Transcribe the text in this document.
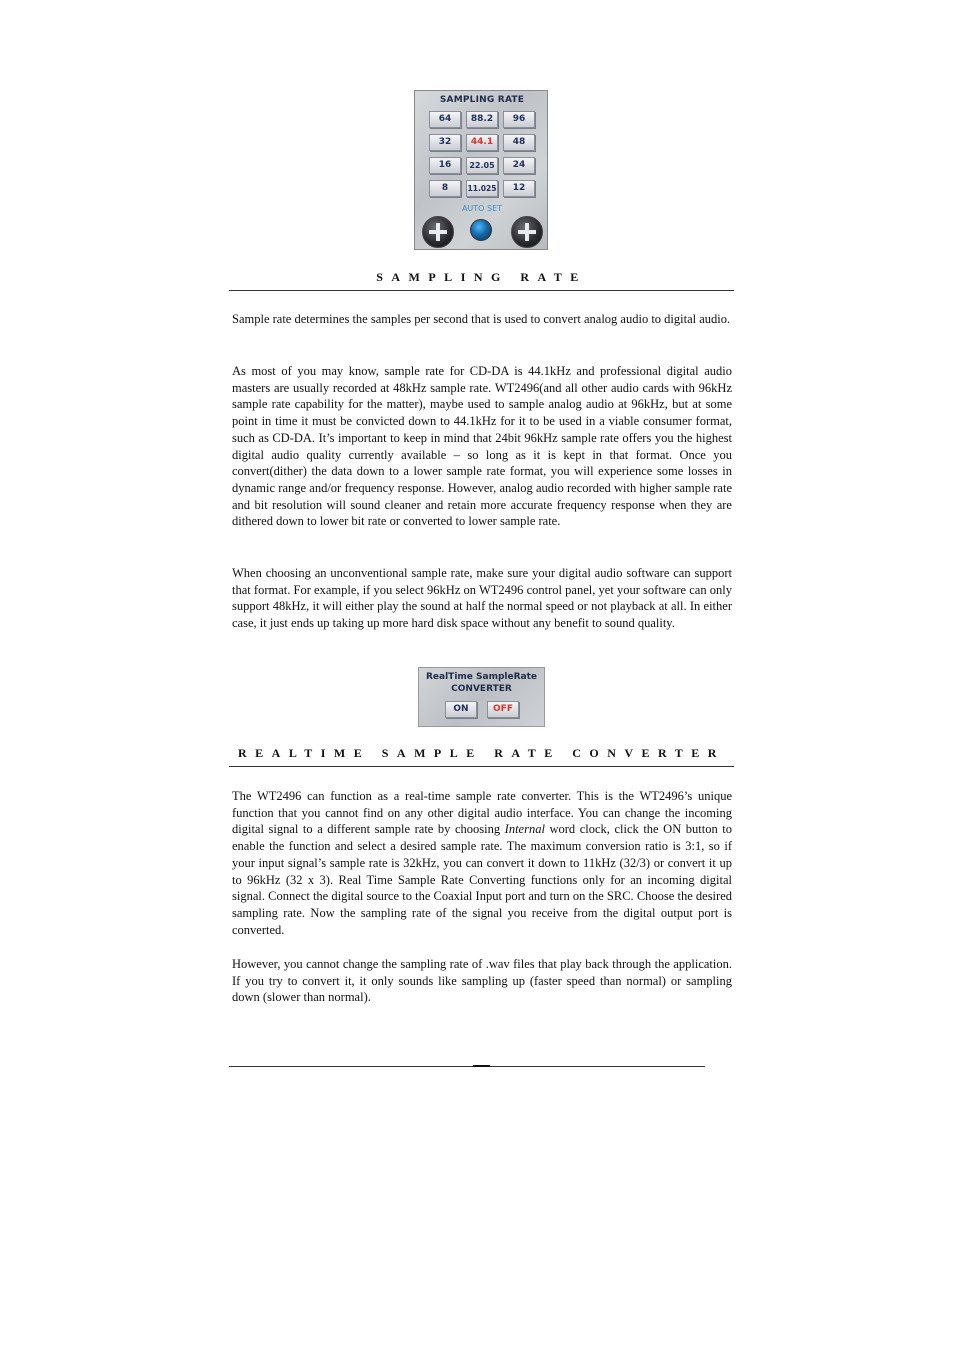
SAMPLING RATE
64	88.2	96
32	44.1	48
16	22.05	24
8	11.025	12
AUTO SET
SAMPLING RATE

Sample rate determines the samples per second that is used to convert analog audio to digital audio.

As most of you may know, sample rate for CD-DA is 44.1kHz and professional digital audio masters are usually recorded at 48kHz sample rate. WT2496(and all other audio cards with 96kHz sample rate capability for the matter), maybe used to sample analog audio at 96kHz, but at some point in time it must be convicted down to 44.1kHz for it to be used in a viable consumer format, such as CD-DA. It’s important to keep in mind that 24bit 96kHz sample rate offers you the highest digital audio quality currently available – so long as it is kept in that format. Once you convert(dither) the data down to a lower sample rate format, you will experience some losses in dynamic range and/or frequency response. However, analog audio recorded with higher sample rate and bit resolution will sound cleaner and retain more accurate frequency response when they are dithered down to lower bit rate or converted to lower sample rate.

When choosing an unconventional sample rate, make sure your digital audio software can support that format. For example, if you select 96kHz on WT2496 control panel, yet your software can only support 48kHz, it will either play the sound at half the normal speed or not playback at all. In either case, it just ends up taking up more hard disk space without any benefit to sound quality.

RealTime SampleRate
CONVERTER
ON	OFF
REALTIME SAMPLE RATE CONVERTER

The WT2496 can function as a real-time sample rate converter. This is the WT2496’s unique function that you cannot find on any other digital audio interface. You can change the incoming digital signal to a different sample rate by choosing Internal word clock, click the ON button to enable the function and select a desired sample rate. The maximum conversion ratio is 3:1, so if your input signal’s sample rate is 32kHz, you can convert it down to 11kHz (32/3) or convert it up to 96kHz (32 x 3). Real Time Sample Rate Converting functions only for an incoming digital signal. Connect the digital source to the Coaxial Input port and turn on the SRC. Choose the desired sampling rate. Now the sampling rate of the signal you receive from the digital output port is converted.

However, you cannot change the sampling rate of .wav files that play back through the application. If you try to convert it, it only sounds like sampling up (faster speed than normal) or sampling down (slower than normal).
